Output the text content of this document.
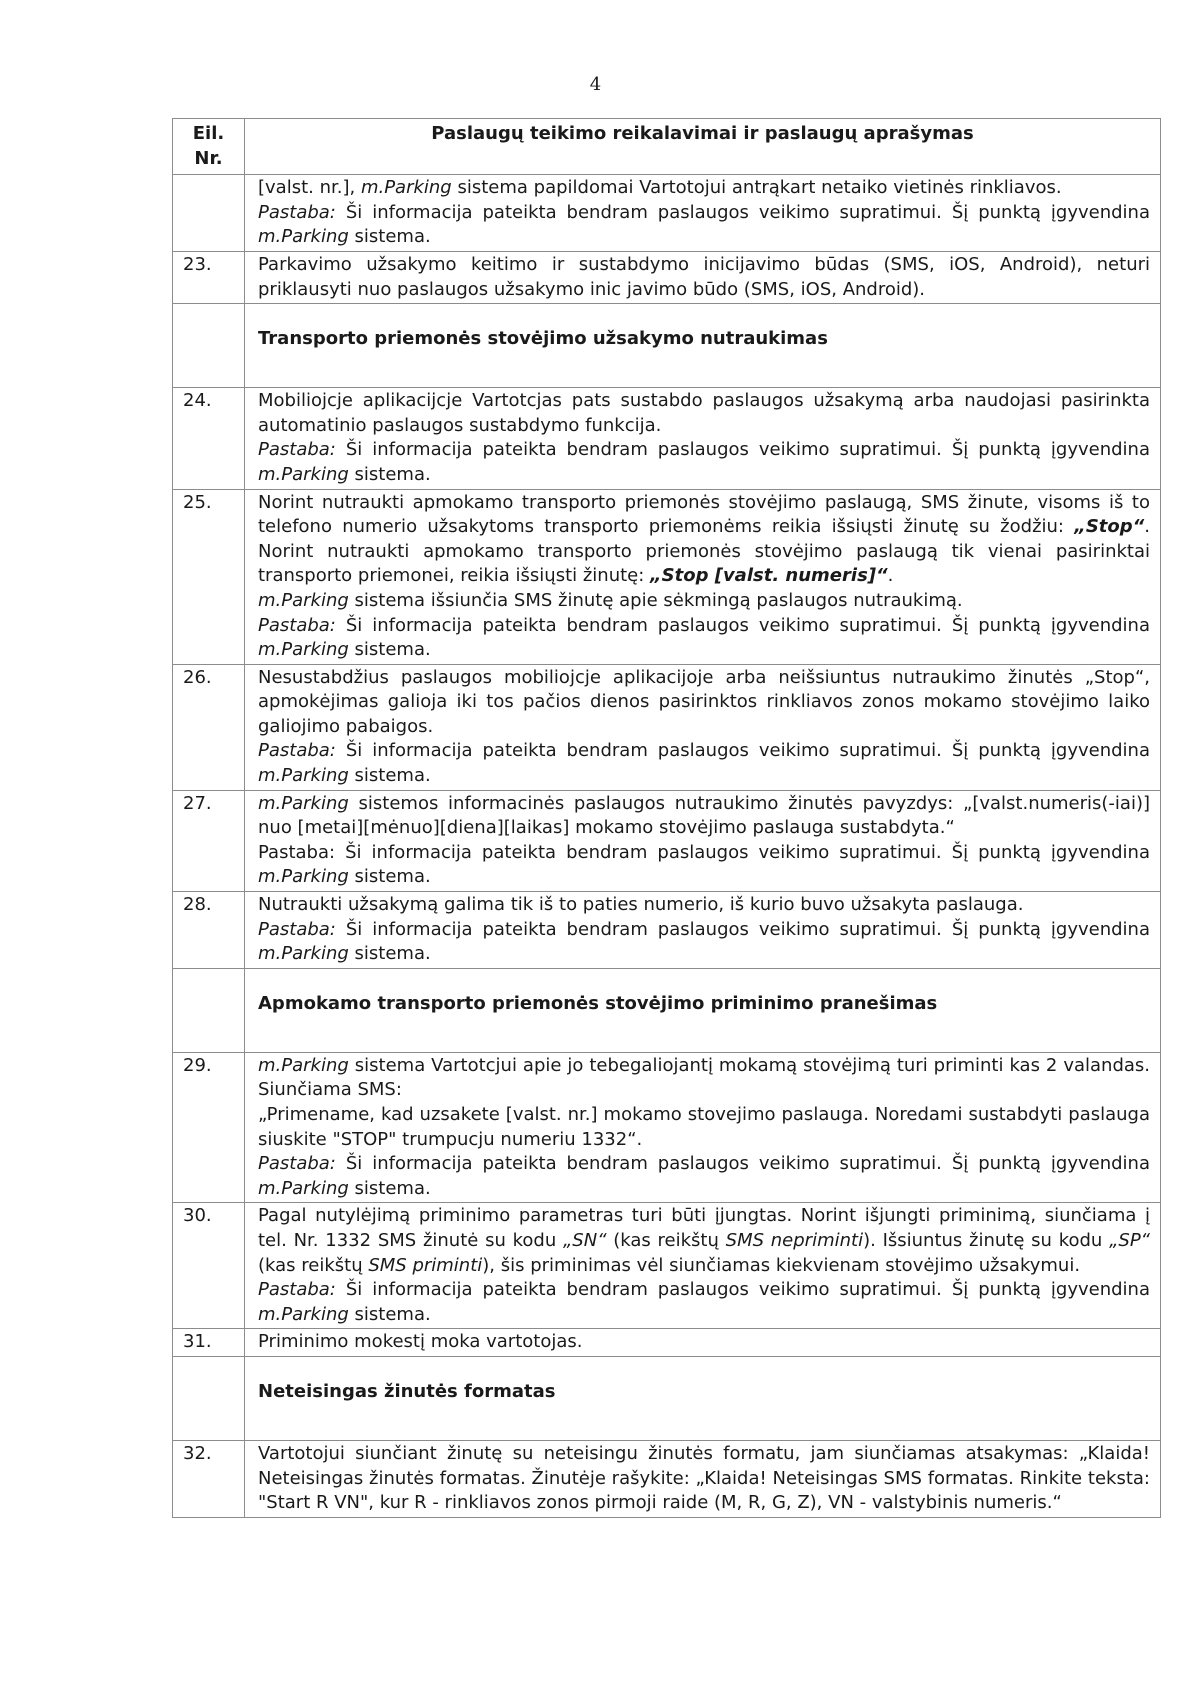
4
Eil.
Nr.	Paslaugų teikimo reikalavimai ir paslaugų aprašymas
	[valst. nr.], m.Parking sistema papildomai Vartotojui antrąkart netaiko vietinės rinkliavos.
Pastaba: Ši informacija pateikta bendram paslaugos veikimo supratimui. Šį punktą įgyvendina m.Parking sistema.
23.	Parkavimo užsakymo keitimo ir sustabdymo inicijavimo būdas (SMS, iOS, Android), neturi priklausyti nuo paslaugos užsakymo inic javimo būdo (SMS, iOS, Android).
	Transporto priemonės stovėjimo užsakymo nutraukimas
24.	Mobiliojcje aplikacijcje Vartotcjas pats sustabdo paslaugos užsakymą arba naudojasi pasirinkta automatinio paslaugos sustabdymo funkcija.
Pastaba: Ši informacija pateikta bendram paslaugos veikimo supratimui. Šį punktą įgyvendina m.Parking sistema.
25.	Norint nutraukti apmokamo transporto priemonės stovėjimo paslaugą, SMS žinute, visoms iš to telefono numerio užsakytoms transporto priemonėms reikia išsiųsti žinutę su žodžiu: „Stop“. Norint nutraukti apmokamo transporto priemonės stovėjimo paslaugą tik vienai pasirinktai transporto priemonei, reikia išsiųsti žinutę: „Stop [valst. numeris]“.
m.Parking sistema išsiunčia SMS žinutę apie sėkmingą paslaugos nutraukimą.
Pastaba: Ši informacija pateikta bendram paslaugos veikimo supratimui. Šį punktą įgyvendina m.Parking sistema.
26.	Nesustabdžius paslaugos mobiliojcje aplikacijoje arba neišsiuntus nutraukimo žinutės „Stop“, apmokėjimas galioja iki tos pačios dienos pasirinktos rinkliavos zonos mokamo stovėjimo laiko galiojimo pabaigos.
Pastaba: Ši informacija pateikta bendram paslaugos veikimo supratimui. Šį punktą įgyvendina m.Parking sistema.
27.	m.Parking sistemos informacinės paslaugos nutraukimo žinutės pavyzdys: „[valst.numeris(-iai)] nuo [metai][mėnuo][diena][laikas] mokamo stovėjimo paslauga sustabdyta.“
Pastaba: Ši informacija pateikta bendram paslaugos veikimo supratimui. Šį punktą įgyvendina m.Parking sistema.
28.	Nutraukti užsakymą galima tik iš to paties numerio, iš kurio buvo užsakyta paslauga.
Pastaba: Ši informacija pateikta bendram paslaugos veikimo supratimui. Šį punktą įgyvendina m.Parking sistema.
	Apmokamo transporto priemonės stovėjimo priminimo pranešimas
29.	m.Parking sistema Vartotcjui apie jo tebegaliojantį mokamą stovėjimą turi priminti kas 2 valandas. Siunčiama SMS:
„Primename, kad uzsakete [valst. nr.] mokamo stovejimo paslauga. Noredami sustabdyti paslauga siuskite "STOP" trumpucju numeriu 1332“.
Pastaba: Ši informacija pateikta bendram paslaugos veikimo supratimui. Šį punktą įgyvendina m.Parking sistema.
30.	Pagal nutylėjimą priminimo parametras turi būti įjungtas. Norint išjungti priminimą, siunčiama į tel. Nr. 1332 SMS žinutė su kodu „SN“ (kas reikštų SMS nepriminti). Išsiuntus žinutę su kodu „SP“ (kas reikštų SMS priminti), šis priminimas vėl siunčiamas kiekvienam stovėjimo užsakymui.
Pastaba: Ši informacija pateikta bendram paslaugos veikimo supratimui. Šį punktą įgyvendina m.Parking sistema.
31.	Priminimo mokestį moka vartotojas.
	Neteisingas žinutės formatas
32.	Vartotojui siunčiant žinutę su neteisingu žinutės formatu, jam siunčiamas atsakymas: „Klaida! Neteisingas žinutės formatas. Žinutėje rašykite: „Klaida! Neteisingas SMS formatas. Rinkite teksta: "Start R VN", kur R - rinkliavos zonos pirmoji raide (M, R, G, Z), VN - valstybinis numeris.“
